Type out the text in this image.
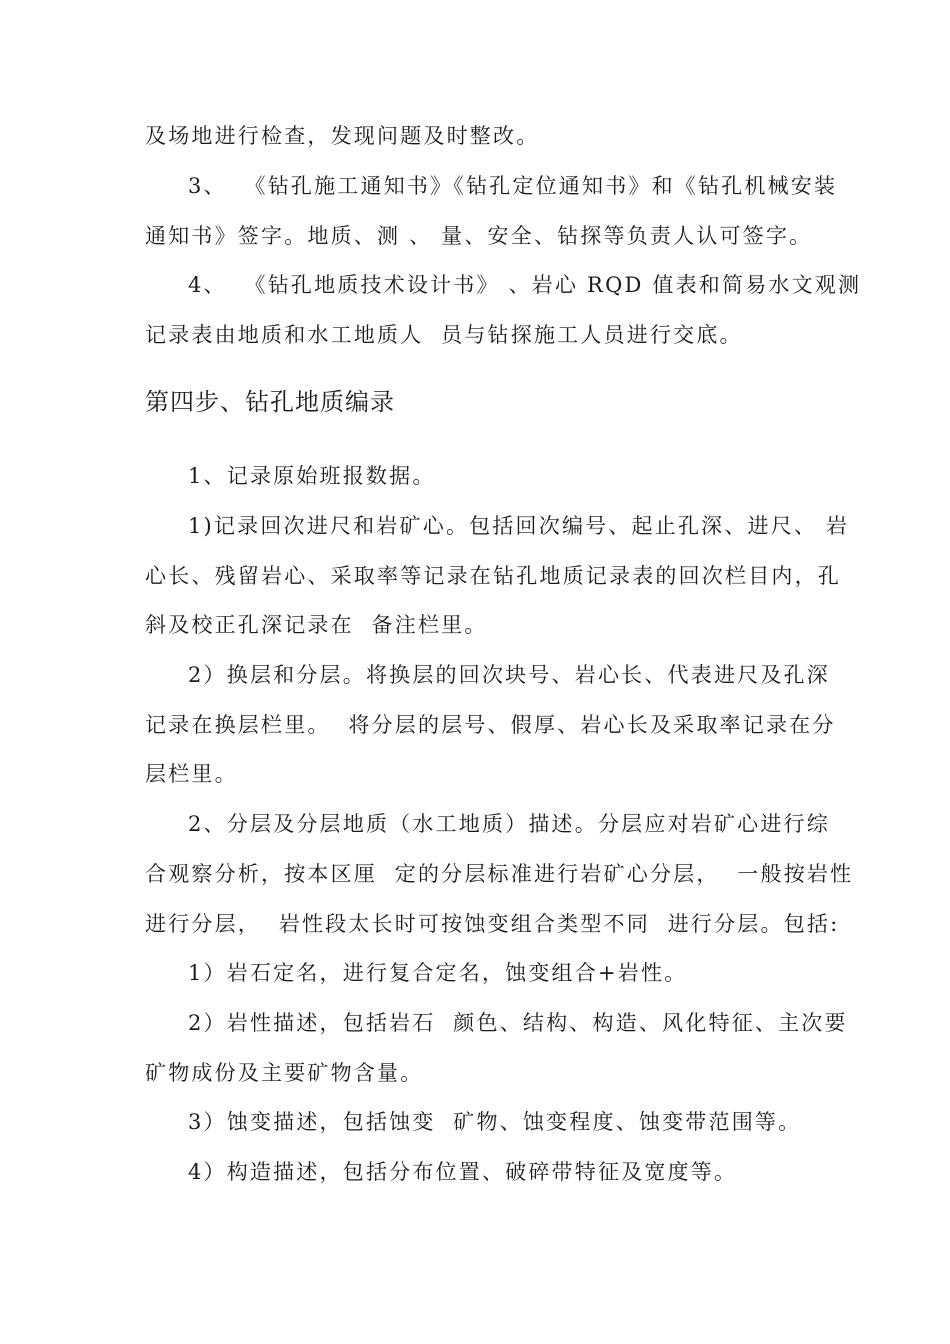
及场地进行检查，发现问题及时整改。
3、  《钻孔施工通知书》《钻孔定位通知书》和《钻孔机械安装
通知书》签字。地质、测 、 量、安全、钻探等负责人认可签字。
4、  《钻孔地质技术设计书》 、岩心 RQD 值表和简易水文观测
记录表由地质和水工地质人  员与钻探施工人员进行交底。
第四步、钻孔地质编录
1、记录原始班报数据。
1)记录回次进尺和岩矿心。包括回次编号、起止孔深、进尺、 岩
心长、残留岩心、采取率等记录在钻孔地质记录表的回次栏目内，孔
斜及校正孔深记录在  备注栏里。
2）换层和分层。将换层的回次块号、岩心长、代表进尺及孔深
记录在换层栏里。  将分层的层号、假厚、岩心长及采取率记录在分
层栏里。
2、分层及分层地质（水工地质）描述。分层应对岩矿心进行综
合观察分析，按本区厘  定的分层标准进行岩矿心分层，  一般按岩性
进行分层，  岩性段太长时可按蚀变组合类型不同  进行分层。包括:
1）岩石定名，进行复合定名，蚀变组合+岩性。
2）岩性描述，包括岩石  颜色、结构、构造、风化特征、主次要
矿物成份及主要矿物含量。
3）蚀变描述，包括蚀变  矿物、蚀变程度、蚀变带范围等。
4）构造描述，包括分布位置、破碎带特征及宽度等。
